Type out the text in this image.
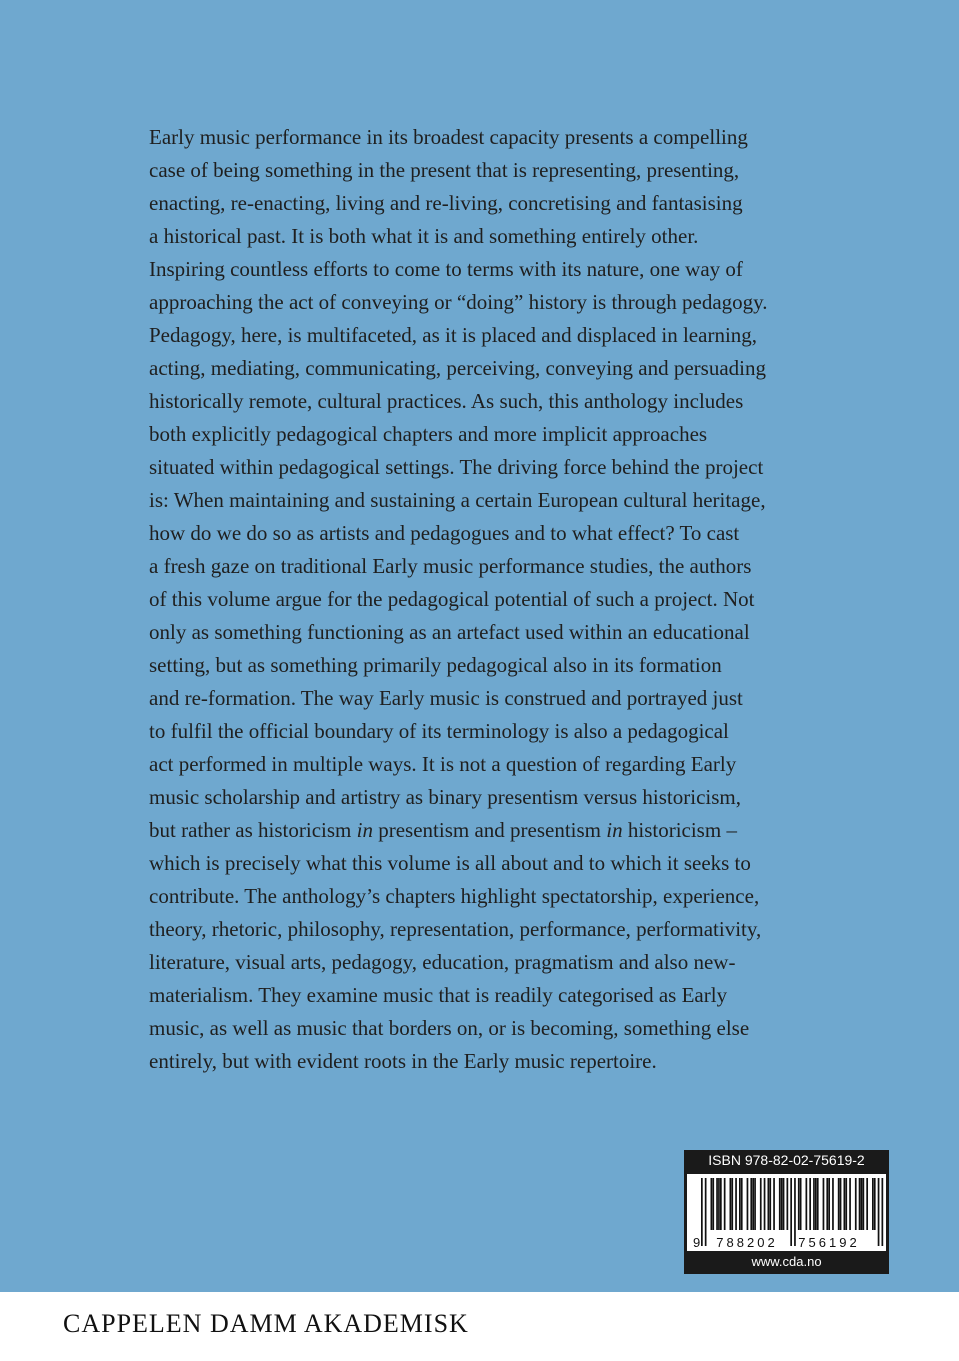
Early music performance in its broadest capacity presents a compelling
case of being something in the present that is representing, presenting,
enacting, re-enacting, living and re-living, concretising and fantasising
a historical past. It is both what it is and something entirely other.
Inspiring countless efforts to come to terms with its nature, one way of
approaching the act of conveying or “doing” history is through pedagogy.
Pedagogy, here, is multifaceted, as it is placed and displaced in learning,
acting, mediating, communicating, perceiving, conveying and persuading
historically remote, cultural practices. As such, this anthology includes
both explicitly pedagogical chapters and more implicit approaches
situated within pedagogical settings. The driving force behind the project
is: When maintaining and sustaining a certain European cultural heritage,
how do we do so as artists and pedagogues and to what effect? To cast
a fresh gaze on traditional Early music performance studies, the authors
of this volume argue for the pedagogical potential of such a project. Not
only as something functioning as an artefact used within an educational
setting, but as something primarily pedagogical also in its formation
and re-formation. The way Early music is construed and portrayed just
to fulfil the official boundary of its terminology is also a pedagogical
act performed in multiple ways. It is not a question of regarding Early
music scholarship and artistry as binary presentism versus historicism,
but rather as historicism in presentism and presentism in historicism –
which is precisely what this volume is all about and to which it seeks to
contribute. The anthology’s chapters highlight spectatorship, experience,
theory, rhetoric, philosophy, representation, performance, performativity,
literature, visual arts, pedagogy, education, pragmatism and also new-
materialism. They examine music that is readily categorised as Early
music, as well as music that borders on, or is becoming, something else
entirely, but with evident roots in the Early music repertoire.

ISBN 978-82-02-75619-2
9 788202 756192
www.cda.no
CAPPELEN DAMM AKADEMISK
